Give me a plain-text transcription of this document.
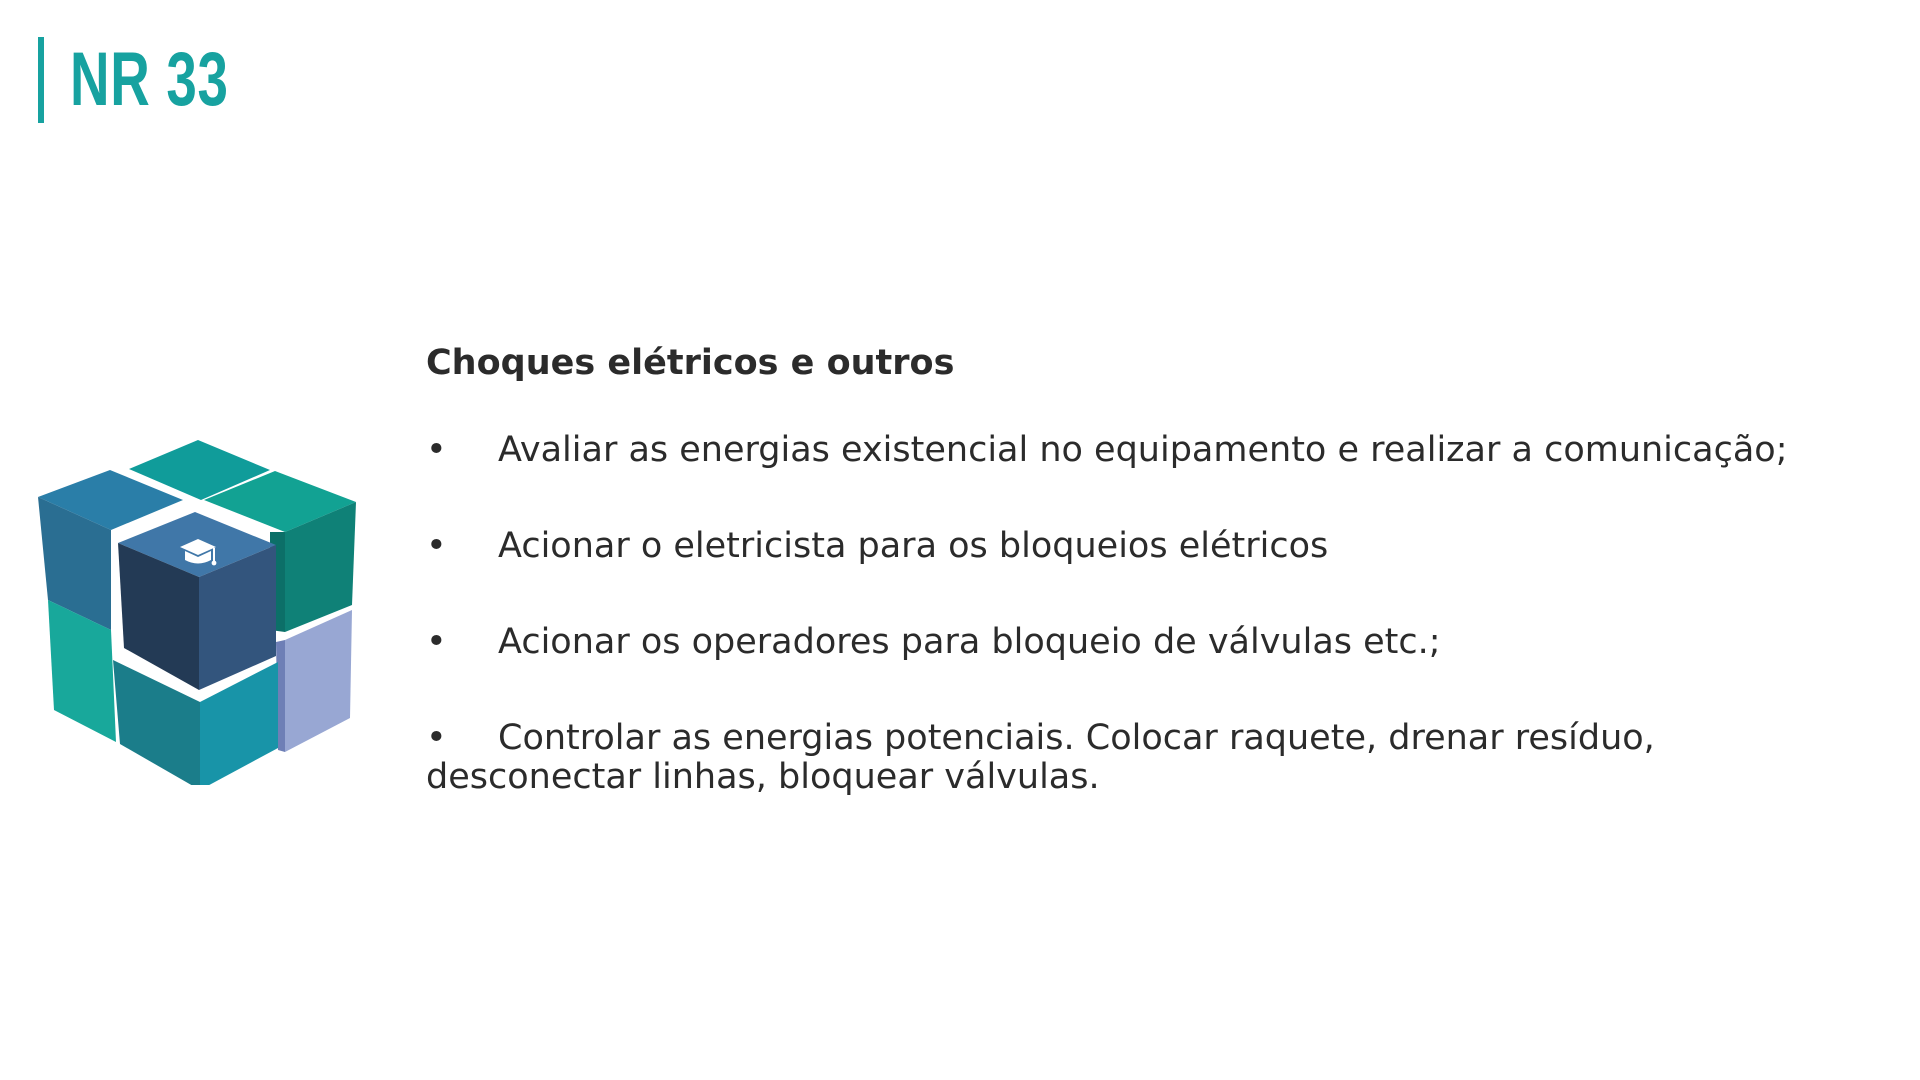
NR 33
Choques elétricos e outros
• Avaliar as energias existencial no equipamento e realizar a comunicação;
• Acionar o eletricista para os bloqueios elétricos
• Acionar os operadores para bloqueio de válvulas etc.;
• Controlar as energias potenciais. Colocar raquete, drenar resíduo, desconectar linhas, bloquear válvulas.
